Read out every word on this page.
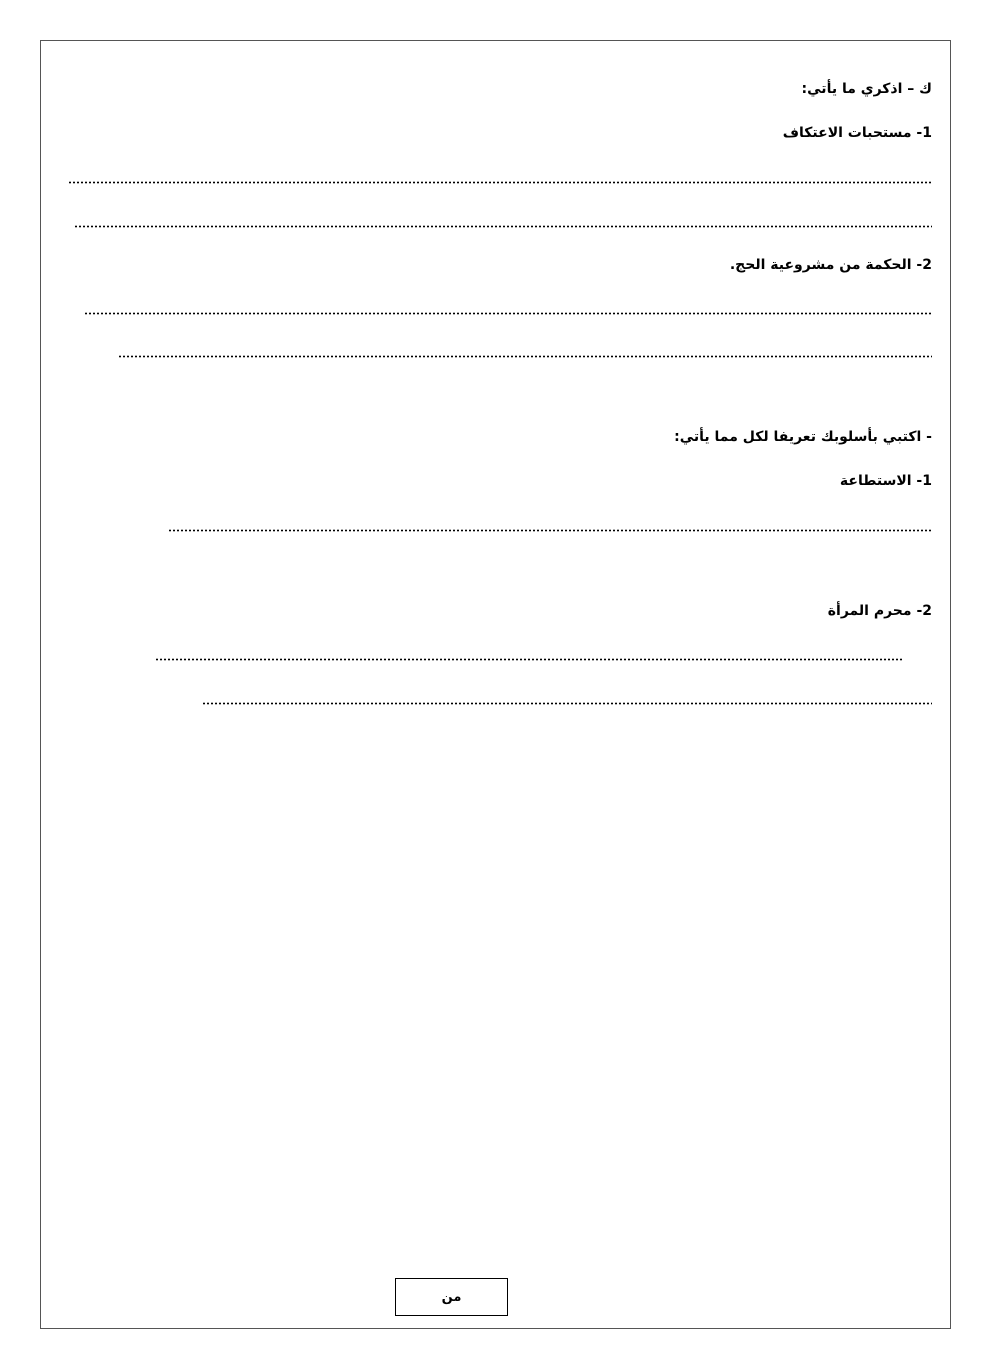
ك – اذكري ما يأتي:
1- مستحبات الاعتكاف
2- الحكمة من مشروعية الحج.
- اكتبي بأسلوبك تعريفا لكل مما يأتي:
1- الاستطاعة
2- محرم المرأة
من
